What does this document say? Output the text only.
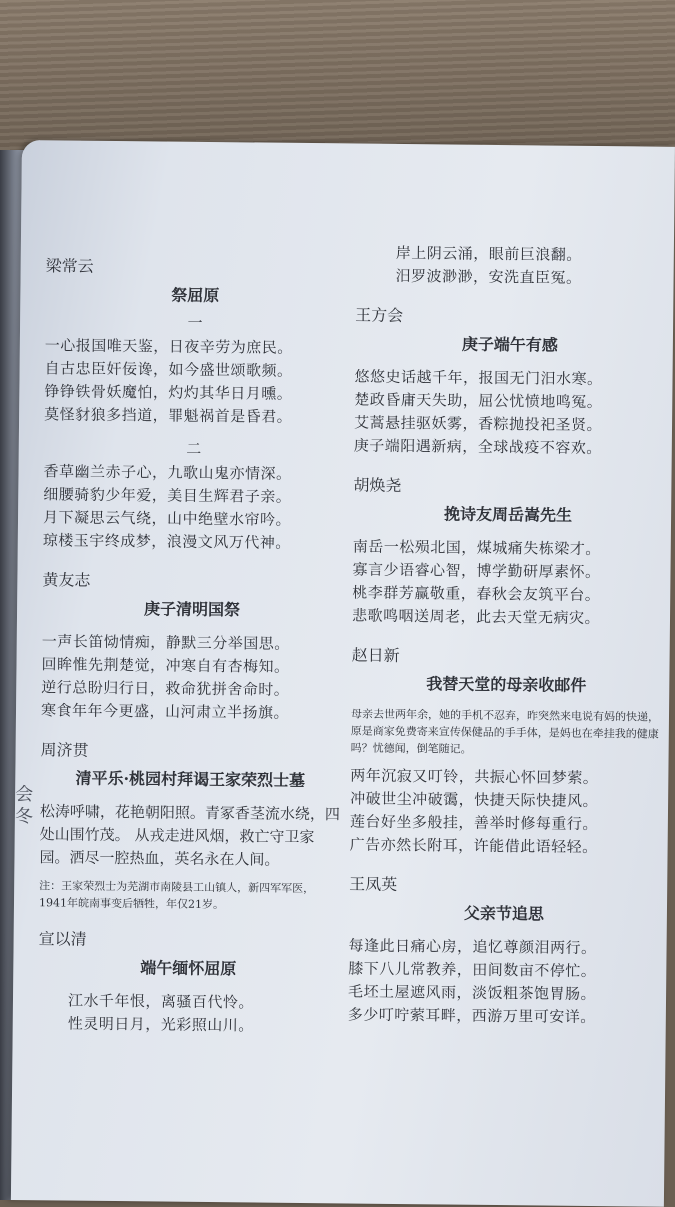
会
冬

梁常云

祭屈原

一
一心报国唯天鉴，日夜辛劳为庶民。
自古忠臣奸佞谗，如今盛世颂歌频。
铮铮铁骨妖魔怕，灼灼其华日月曛。
莫怪豺狼多挡道，罪魁祸首是昏君。
二
香草幽兰赤子心，九歌山鬼亦情深。
细腰骑豹少年爱，美目生辉君子亲。
月下凝思云气绕，山中绝壁水帘吟。
琼楼玉宇终成梦，浪漫文风万代神。

黄友志

庚子清明国祭

一声长笛恸情痴，静默三分举国思。
回眸惟先荆楚觉，冲寒自有杏梅知。
逆行总盼归行日，救命犹拼舍命时。
寒食年年今更盛，山河肃立半扬旗。

周济贯

清平乐·桃园村拜谒王家荣烈士墓

松涛呼啸，花艳朝阳照。青冢香茎流水绕，四处山围竹茂。 从戎走进风烟，救亡守卫家园。洒尽一腔热血，英名永在人间。
注：王家荣烈士为芜湖市南陵县工山镇人，新四军军医，1941年皖南事变后牺牲，年仅21岁。

宣以清

端午缅怀屈原

江水千年恨，离骚百代怜。
性灵明日月，光彩照山川。
岸上阴云涌，眼前巨浪翻。
汨罗波渺渺，安洗直臣冤。

王方会

庚子端午有感

悠悠史话越千年，报国无门汨水寒。
楚政昏庸天失助，屈公忧愤地鸣冤。
艾蒿悬挂驱妖雾，香粽抛投祀圣贤。
庚子端阳遇新病，全球战疫不容欢。

胡焕尧

挽诗友周岳嵩先生

南岳一松殒北国，煤城痛失栋梁才。
寡言少语睿心智，博学勤研厚素怀。
桃李群芳赢敬重，春秋会友筑平台。
悲歌鸣咽送周老，此去天堂无病灾。

赵日新

我替天堂的母亲收邮件

母亲去世两年余，她的手机不忍弃，昨突然来电说有妈的快递，原是商家免费寄来宣传保健品的手手体，是妈也在牵挂我的健康吗？忧德闻，倒笔随记。
两年沉寂又叮铃，共振心怀回梦萦。
冲破世尘冲破霭，快捷天际快捷风。
莲台好坐多般挂，善举时修每重行。
广告亦然长附耳，许能借此语轻轻。

王凤英

父亲节追思

每逢此日痛心房，追忆尊颜泪两行。
膝下八儿常教养，田间数亩不停忙。
毛坯土屋遮风雨，淡饭粗茶饱胃肠。
多少叮咛萦耳畔，西游万里可安详。
